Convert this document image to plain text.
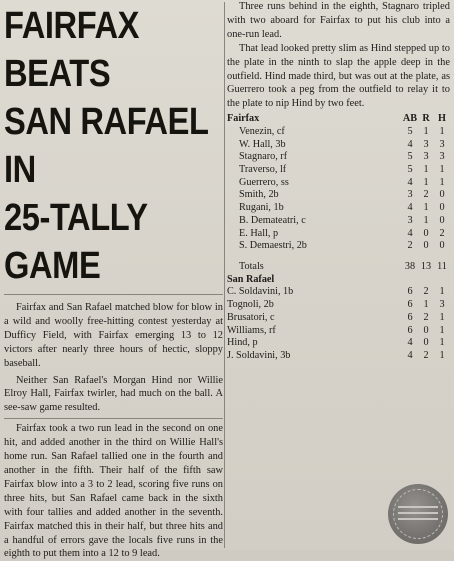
FAIRFAX BEATS
SAN RAFAEL IN
25-TALLY GAME

Fairfax and San Rafael matched blow for blow in a wild and woolly free-hitting contest yesterday at Dufficy Field, with Fairfax emerging 13 to 12 victors after nearly three hours of hectic, sloppy baseball.

Neither San Rafael's Morgan Hind nor Willie Elroy Hall, Fairfax twirler, had much on the ball. A see-saw game resulted.

Fairfax took a two run lead in the second on one hit, and added another in the third on Willie Hall's home run. San Rafael tallied one in the fourth and another in the fifth. Their half of the fifth saw Fairfax blow into a 3 to 2 lead, scoring five runs on three hits, but San Rafael came back in the sixth with four tallies and added another in the seventh. Fairfax matched this in their half, but three hits and a handful of errors gave the locals five runs in the eighth to put them into a 12 to 9 lead.

Three runs behind in the eighth, Stagnaro tripled with two aboard for Fairfax to put his club into a one-run lead.

That lead looked pretty slim as Hind stepped up to the plate in the ninth to slap the apple deep in the outfield. Hind made third, but was out at the plate, as Guerrero took a peg from the outfield to relay it to the plate to nip Hind by two feet.

Fairfax	AB R H
Venezin, cf	5	1	1
W. Hall, 3b	4	3	3
Stagnaro, rf	5	3	3
Traverso, lf	5	1	1
Guerrero, ss	4	1	1
Smith, 2b	3	2	0
Rugani, 1b	4	1	0
B. Demateatri, c	3	1	0
E. Hall, p	4	0	2
S. Demaestri, 2b	2	0	0
Totals	38 13 11
San Rafael
C. Soldavini, 1b	6	2	1
Tognoli, 2b	6	1	3
Brusatori, c	6	2	1
Williams, rf	6	0	1
Hind, p	4	0	1
J. Soldavini, 3b	4	2	1
